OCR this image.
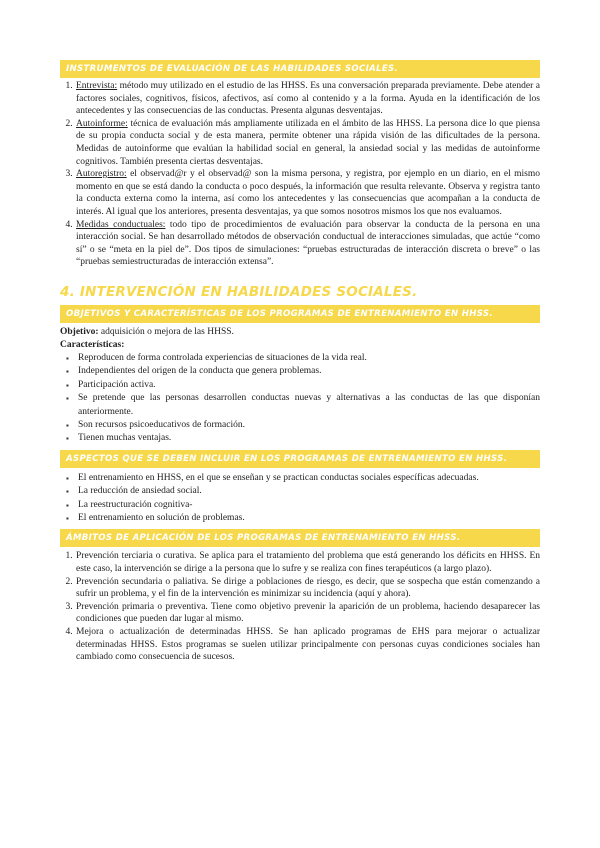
INSTRUMENTOS DE EVALUACIÓN DE LAS HABILIDADES SOCIALES.
1. Entrevista: método muy utilizado en el estudio de las HHSS. Es una conversación preparada previamente. Debe atender a factores sociales, cognitivos, físicos, afectivos, así como al contenido y a la forma. Ayuda en la identificación de los antecedentes y las consecuencias de las conductas. Presenta algunas desventajas.
2. Autoinforme: técnica de evaluación más ampliamente utilizada en el ámbito de las HHSS. La persona dice lo que piensa de su propia conducta social y de esta manera, permite obtener una rápida visión de las dificultades de la persona. Medidas de autoinforme que evalúan la habilidad social en general, la ansiedad social y las medidas de autoinforme cognitivos. También presenta ciertas desventajas.
3. Autoregistro: el observad@r y el observad@ son la misma persona, y registra, por ejemplo en un diario, en el mismo momento en que se está dando la conducta o poco después, la información que resulta relevante. Observa y registra tanto la conducta externa como la interna, así como los antecedentes y las consecuencias que acompañan a la conducta de interés. Al igual que los anteriores, presenta desventajas, ya que somos nosotros mismos los que nos evaluamos.
4. Medidas conductuales: todo tipo de procedimientos de evaluación para observar la conducta de la persona en una interacción social. Se han desarrollado métodos de observación conductual de interacciones simuladas, que actúe “como sí” o se “meta en la piel de”. Dos tipos de simulaciones: “pruebas estructuradas de interacción discreta o breve” o las “pruebas semiestructuradas de interacción extensa”.
4. INTERVENCIÓN EN HABILIDADES SOCIALES.
OBJETIVOS Y CARACTERÍSTICAS DE LOS PROGRAMAS DE ENTRENAMIENTO EN HHSS.

Objetivo: adquisición o mejora de las HHSS.

Características:

▪ Reproducen de forma controlada experiencias de situaciones de la vida real.
▪ Independientes del origen de la conducta que genera problemas.
▪ Participación activa.
▪ Se pretende que las personas desarrollen conductas nuevas y alternativas a las conductas de las que disponían anteriormente.
▪ Son recursos psicoeducativos de formación.
▪ Tienen muchas ventajas.
ASPECTOS QUE SE DEBEN INCLUIR EN LOS PROGRAMAS DE ENTRENAMIENTO EN HHSS.
▪ El entrenamiento en HHSS, en el que se enseñan y se practican conductas sociales específicas adecuadas.
▪ La reducción de ansiedad social.
▪ La reestructuración cognitiva-
▪ El entrenamiento en solución de problemas.
ÁMBITOS DE APLICACIÓN DE LOS PROGRAMAS DE ENTRENAMIENTO EN HHSS.
1. Prevención terciaria o curativa. Se aplica para el tratamiento del problema que está generando los déficits en HHSS. En este caso, la intervención se dirige a la persona que lo sufre y se realiza con fines terapéuticos (a largo plazo).
2. Prevención secundaria o paliativa. Se dirige a poblaciones de riesgo, es decir, que se sospecha que están comenzando a sufrir un problema, y el fin de la intervención es minimizar su incidencia (aquí y ahora).
3. Prevención primaria o preventiva. Tiene como objetivo prevenir la aparición de un problema, haciendo desaparecer las condiciones que pueden dar lugar al mismo.
4. Mejora o actualización de determinadas HHSS. Se han aplicado programas de EHS para mejorar o actualizar determinadas HHSS. Estos programas se suelen utilizar principalmente con personas cuyas condiciones sociales han cambiado como consecuencia de sucesos.
